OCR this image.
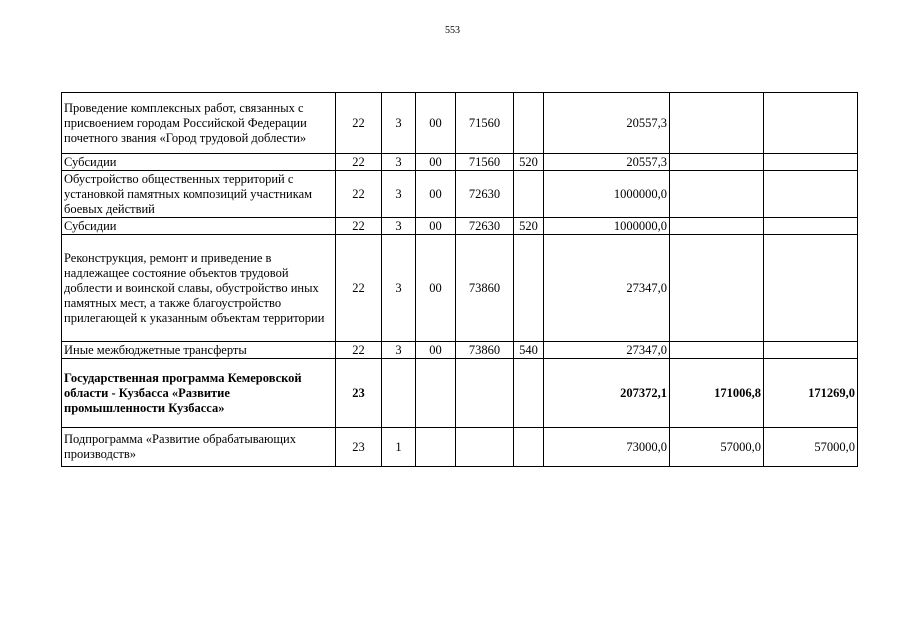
553
Проведение комплексных работ, связанных с присвоением городам Российской Федерации почетного звания «Город трудовой доблести»	22	3	00	71560		20557,3		
Субсидии	22	3	00	71560	520	20557,3		
Обустройство общественных территорий с установкой памятных композиций участникам боевых действий	22	3	00	72630		1000000,0		
Субсидии	22	3	00	72630	520	1000000,0		
Реконструкция, ремонт и приведение в надлежащее состояние объектов трудовой доблести и воинской славы, обустройство иных памятных мест, а также благоустройство прилегающей к указанным объектам территории	22	3	00	73860		27347,0		
Иные межбюджетные трансферты	22	3	00	73860	540	27347,0		
Государственная программа Кемеровской области - Кузбасса «Развитие промышленности Кузбасса»	23					207372,1	171006,8	171269,0
Подпрограмма «Развитие обрабатывающих производств»	23	1				73000,0	57000,0	57000,0
